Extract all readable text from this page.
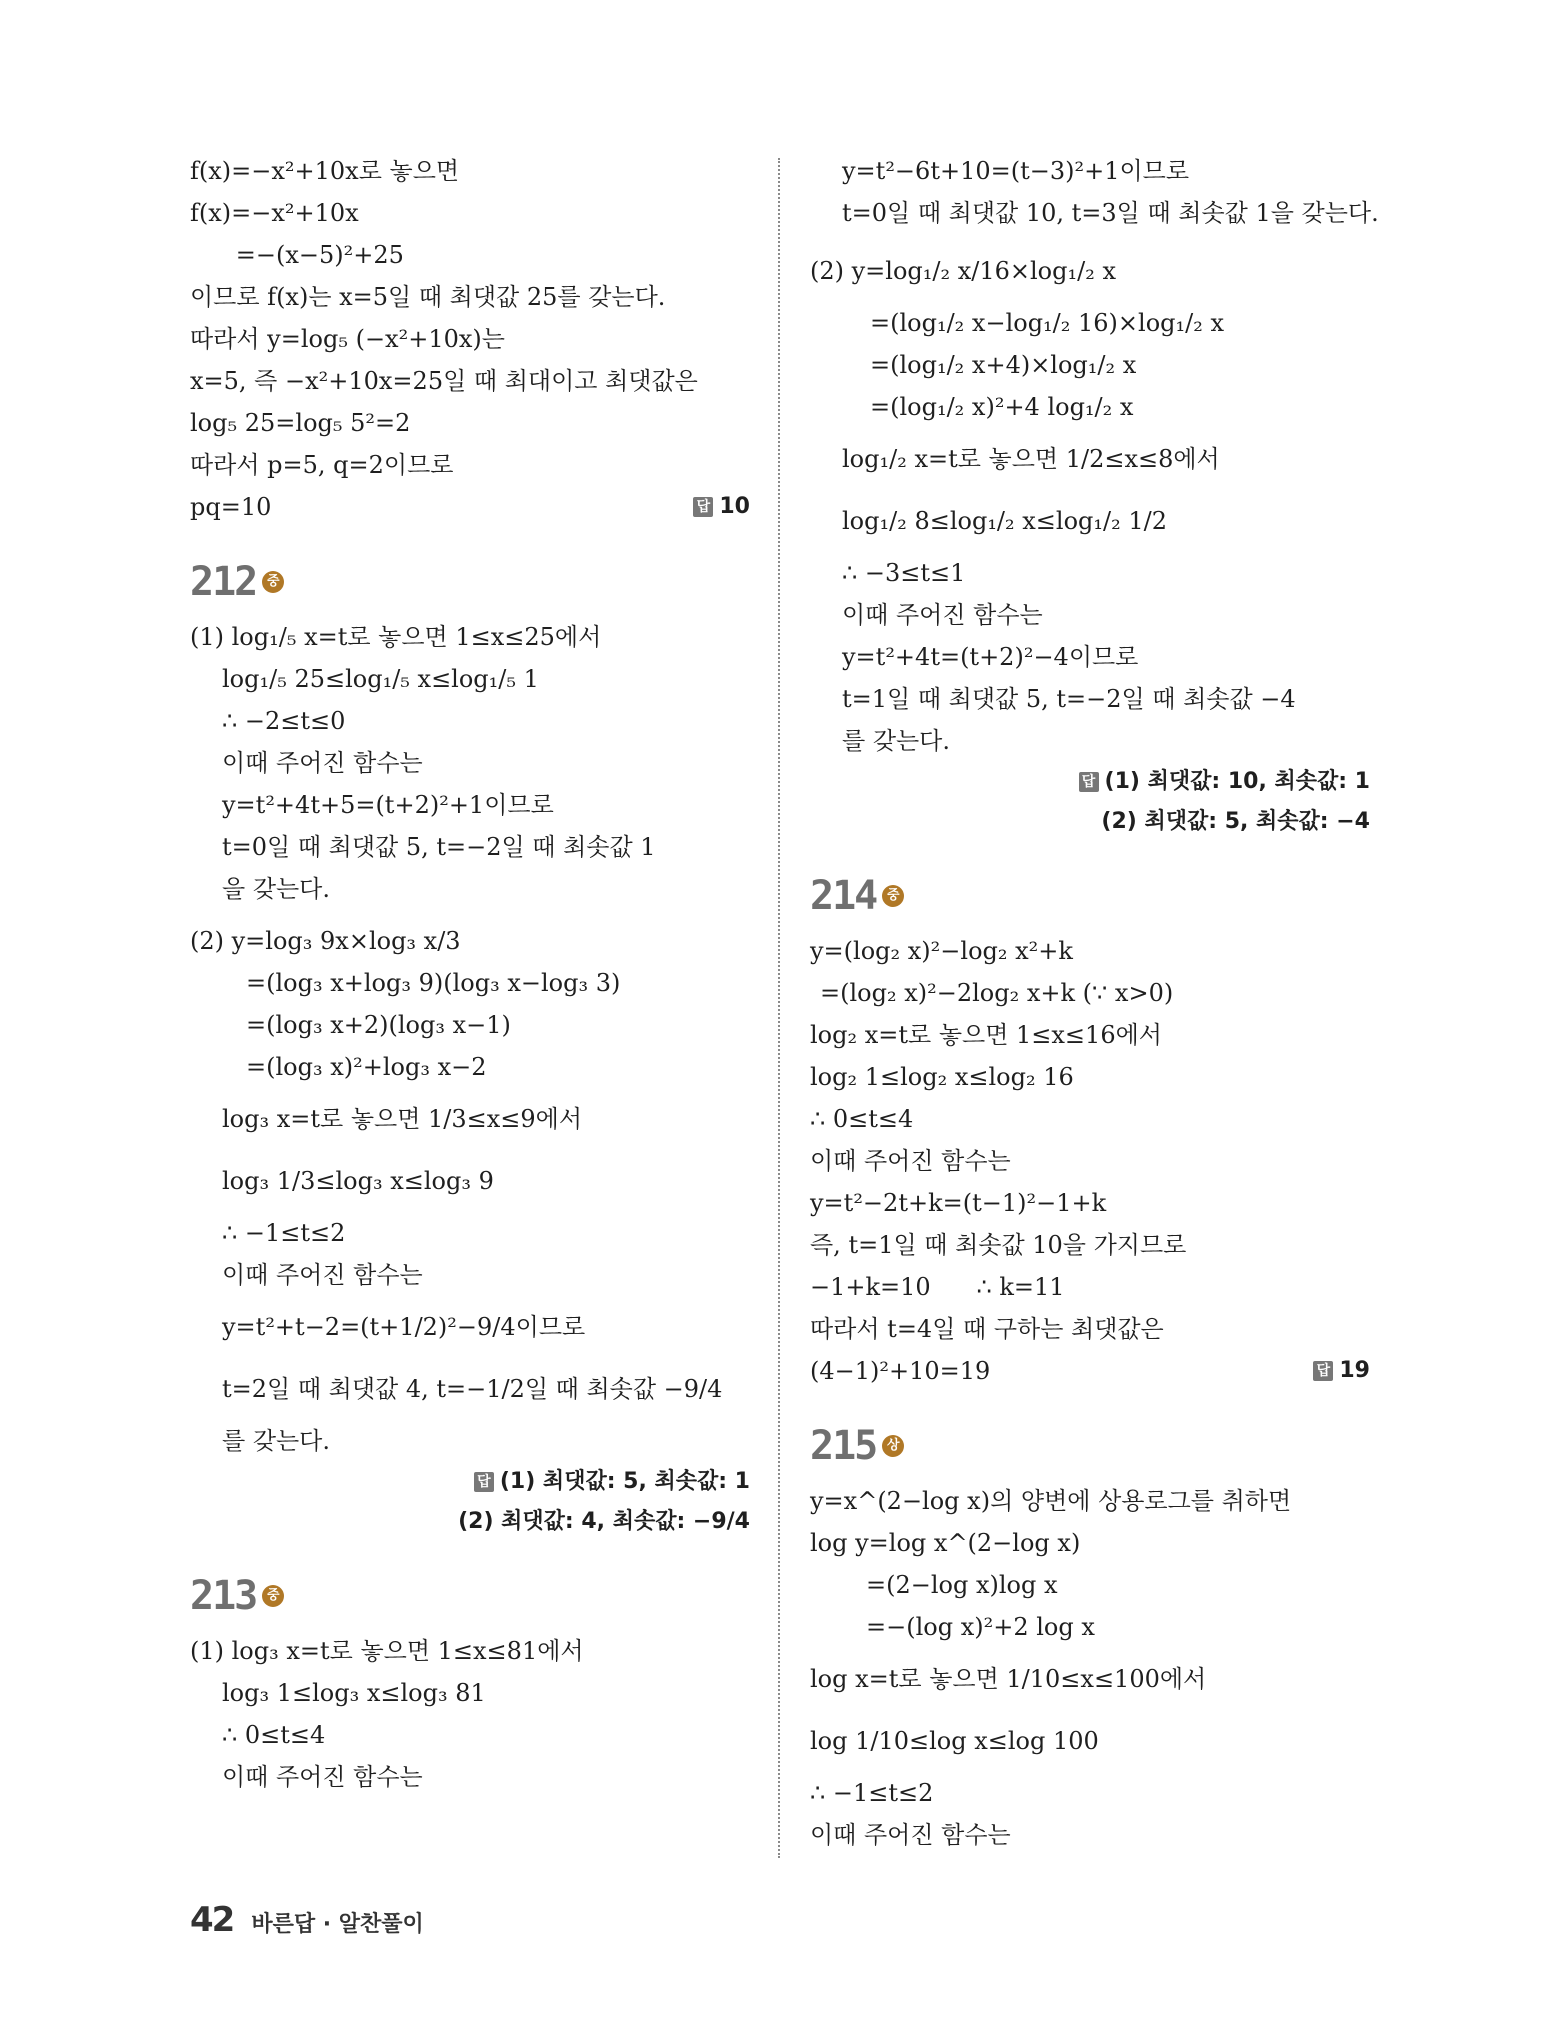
f(x)=−x²+10x로 놓으면
f(x)=−x²+10x
=−(x−5)²+25
이므로 f(x)는 x=5일 때 최댓값 25를 갖는다.
따라서 y=log₅ (−x²+10x)는
x=5, 즉 −x²+10x=25일 때 최대이고 최댓값은
log₅ 25=log₅ 5²=2
따라서 p=5, q=2이므로
pq=10	답 10
212 중
(1) log₁/₅ x=t로 놓으면 1≤x≤25에서
log₁/₅ 25≤log₁/₅ x≤log₁/₅ 1
∴ −2≤t≤0
이때 주어진 함수는
y=t²+4t+5=(t+2)²+1이므로
t=0일 때 최댓값 5, t=−2일 때 최솟값 1
을 갖는다.
(2) y=log₃ 9x×log₃ x/3
=(log₃ x+log₃ 9)(log₃ x−log₃ 3)
=(log₃ x+2)(log₃ x−1)
=(log₃ x)²+log₃ x−2
log₃ x=t로 놓으면 1/3≤x≤9에서
log₃ 1/3≤log₃ x≤log₃ 9
∴ −1≤t≤2
이때 주어진 함수는
y=t²+t−2=(t+1/2)²−9/4이므로
t=2일 때 최댓값 4, t=−1/2일 때 최솟값 −9/4
를 갖는다.
답 (1) 최댓값: 5, 최솟값: 1
(2) 최댓값: 4, 최솟값: −9/4
213 중
(1) log₃ x=t로 놓으면 1≤x≤81에서
log₃ 1≤log₃ x≤log₃ 81
∴ 0≤t≤4
이때 주어진 함수는
y=t²−6t+10=(t−3)²+1이므로
t=0일 때 최댓값 10, t=3일 때 최솟값 1을 갖는다.
(2) y=log₁/₂ x/16×log₁/₂ x
=(log₁/₂ x−log₁/₂ 16)×log₁/₂ x
=(log₁/₂ x+4)×log₁/₂ x
=(log₁/₂ x)²+4 log₁/₂ x
log₁/₂ x=t로 놓으면 1/2≤x≤8에서
log₁/₂ 8≤log₁/₂ x≤log₁/₂ 1/2
∴ −3≤t≤1
이때 주어진 함수는
y=t²+4t=(t+2)²−4이므로
t=1일 때 최댓값 5, t=−2일 때 최솟값 −4
를 갖는다.
답 (1) 최댓값: 10, 최솟값: 1
(2) 최댓값: 5, 최솟값: −4
214 중
y=(log₂ x)²−log₂ x²+k
=(log₂ x)²−2log₂ x+k (∵ x>0)
log₂ x=t로 놓으면 1≤x≤16에서
log₂ 1≤log₂ x≤log₂ 16
∴ 0≤t≤4
이때 주어진 함수는
y=t²−2t+k=(t−1)²−1+k
즉, t=1일 때 최솟값 10을 가지므로
−1+k=10      ∴ k=11
따라서 t=4일 때 구하는 최댓값은
(4−1)²+10=19	답 19
215 상
y=x^(2−log x)의 양변에 상용로그를 취하면
log y=log x^(2−log x)
=(2−log x)log x
=−(log x)²+2 log x
log x=t로 놓으면 1/10≤x≤100에서
log 1/10≤log x≤log 100
∴ −1≤t≤2
이때 주어진 함수는
42 바른답 · 알찬풀이
